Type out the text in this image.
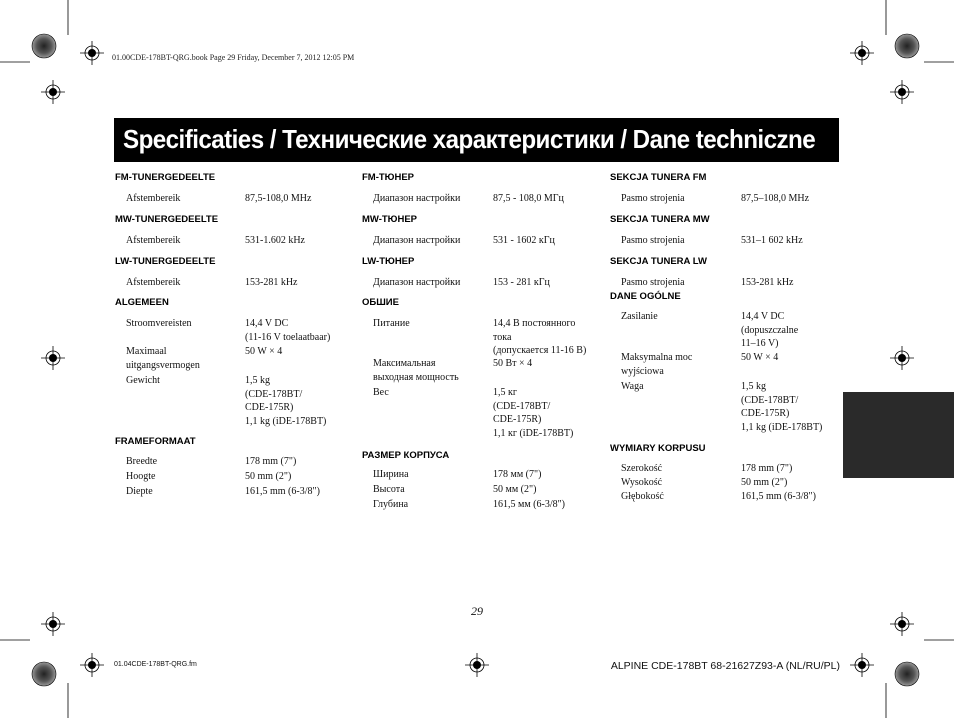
01.00CDE-178BT-QRG.book Page 29 Friday, December 7, 2012 12:05 PM
Specificaties / Технические характеристики / Dane techniczne
FM-TUNERGEDEELTE
Afstembereik	87,5-108,0 MHz
MW-TUNERGEDEELTE
Afstembereik	531-1.602 kHz
LW-TUNERGEDEELTE
Afstembereik	153-281 kHz
ALGEMEEN
Stroomvereisten	14,4 V DC
(11-16 V toelaatbaar)
Maximaal
uitgangsvermogen
50 W × 4
Gewicht	1,5 kg
(CDE-178BT/
CDE-175R)
1,1 kg (iDE-178BT)
FRAMEFORMAAT
Breedte	178 mm (7")
Hoogte	50 mm (2")
Diepte	161,5 mm (6-3/8")
FM-ТЮНЕР
Диапазон настройки	87,5 - 108,0 МГц
MW-ТЮНЕР
Диапазон настройки	531 - 1602 кГц
LW-ТЮНЕР
Диапазон настройки	153 - 281 кГц
ОБШИЕ
Питание	14,4 В постоянного
тока
(допускается 11-16 В)
Максимальная
выходная мощность
50 Вт × 4
Вес	1,5 кг
(CDE-178BT/
CDE-175R)
1,1 кг (iDE-178BT)
РАЗМЕР КОРПУСА
Ширина	178 мм (7")
Высота	50 мм (2")
Глубина	161,5 мм (6-3/8")
SEKCJA TUNERA FM
Pasmo strojenia	87,5–108,0 MHz
SEKCJA TUNERA MW
Pasmo strojenia	531–1 602 kHz
SEKCJA TUNERA LW
Pasmo strojenia	153-281 kHz
DANE OGÓLNE
Zasilanie	14,4 V DC
(dopuszczalne
11–16 V)
Maksymalna moc
wyjściowa
50 W × 4
Waga	1,5 kg
(CDE-178BT/
CDE-175R)
1,1 kg (iDE-178BT)
WYMIARY KORPUSU
Szerokość	178 mm (7")
Wysokość	50 mm (2")
Głębokość	161,5 mm (6-3/8")
29
01.04CDE-178BT-QRG.fm	ALPINE CDE-178BT 68-21627Z93-A (NL/RU/PL)
